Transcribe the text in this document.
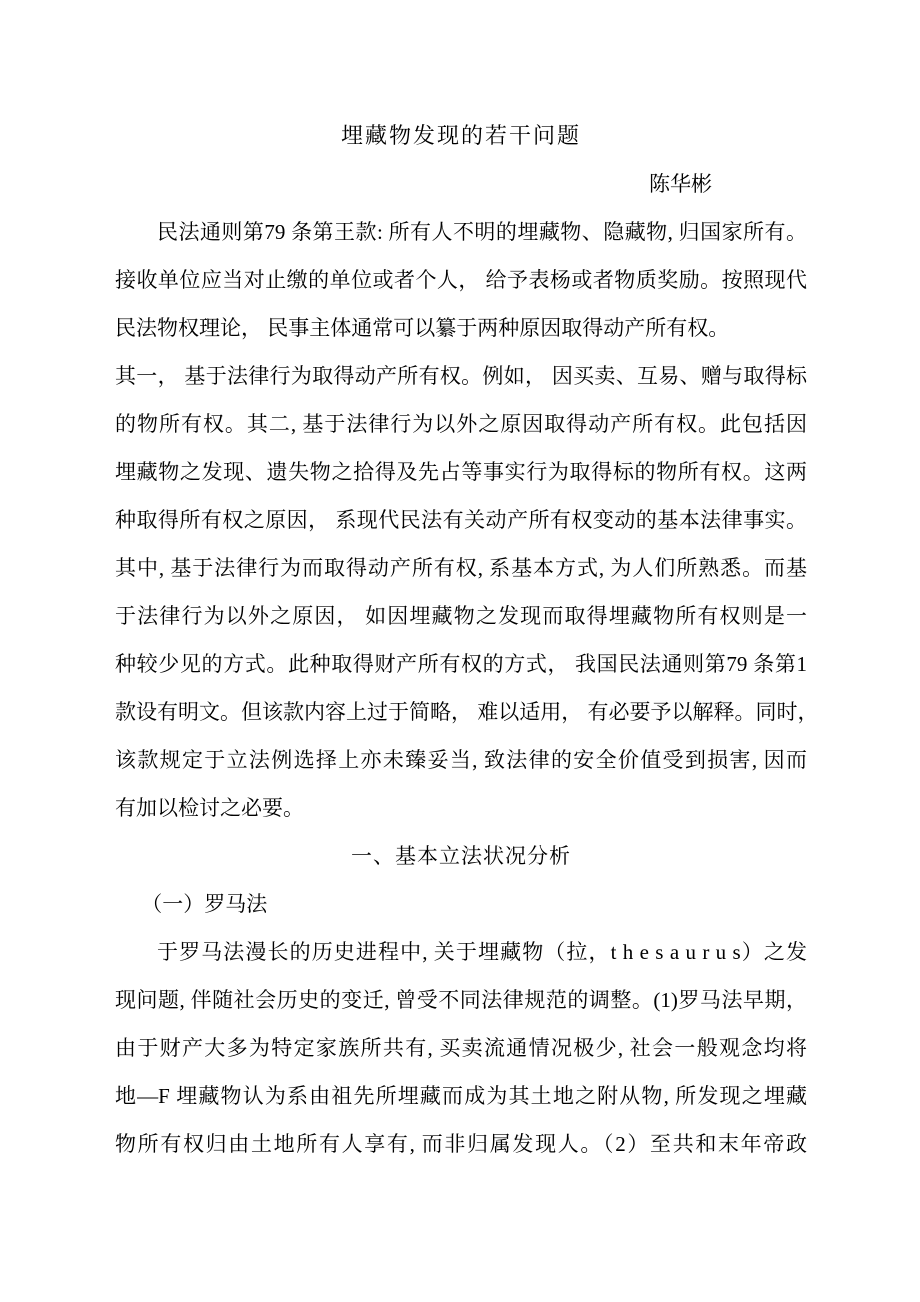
埋藏物发现的若干问题
陈华彬
民法通则第79 条第王款: 所有人不明的埋藏物、隐藏物, 归国家所有。
接收单位应当对止缴的单位或者个人， 给予表杨或者物质奖励。按照现代
民法物权理论， 民事主体通常可以纂于两种原因取得动产所有权。
其一， 基于法律行为取得动产所有权。例如， 因买卖、互易、赠与取得标
的物所有权。其二, 基于法律行为以外之原因取得动产所有权。此包括因
埋藏物之发现、遗失物之拾得及先占等事实行为取得标的物所有权。这两
种取得所有权之原因， 系现代民法有关动产所有权变动的基本法律事实。
其中, 基于法律行为而取得动产所有权, 系基本方式, 为人们所熟悉。而基
于法律行为以外之原因， 如因埋藏物之发现而取得埋藏物所有权则是一
种较少见的方式。此种取得财产所有权的方式， 我国民法通则第79 条第1
款设有明文。但该款内容上过于简略， 难以适用， 有必要予以解释。同时，
该款规定于立法例选择上亦未臻妥当, 致法律的安全价值受到损害, 因而
有加以检讨之必要。
一、基本立法状况分析
（一）罗马法
于罗马法漫长的历史进程中, 关于埋藏物（拉，t h e s a u r u s）之发
现问题, 伴随社会历史的变迁, 曾受不同法律规范的调整。(1)罗马法早期，
由于财产大多为特定家族所共有, 买卖流通情况极少, 社会一般观念均将
地—F 埋藏物认为系由祖先所埋藏而成为其土地之附从物, 所发现之埋藏
物所有权归由土地所有人享有, 而非归属发现人。（2）至共和末年帝政
